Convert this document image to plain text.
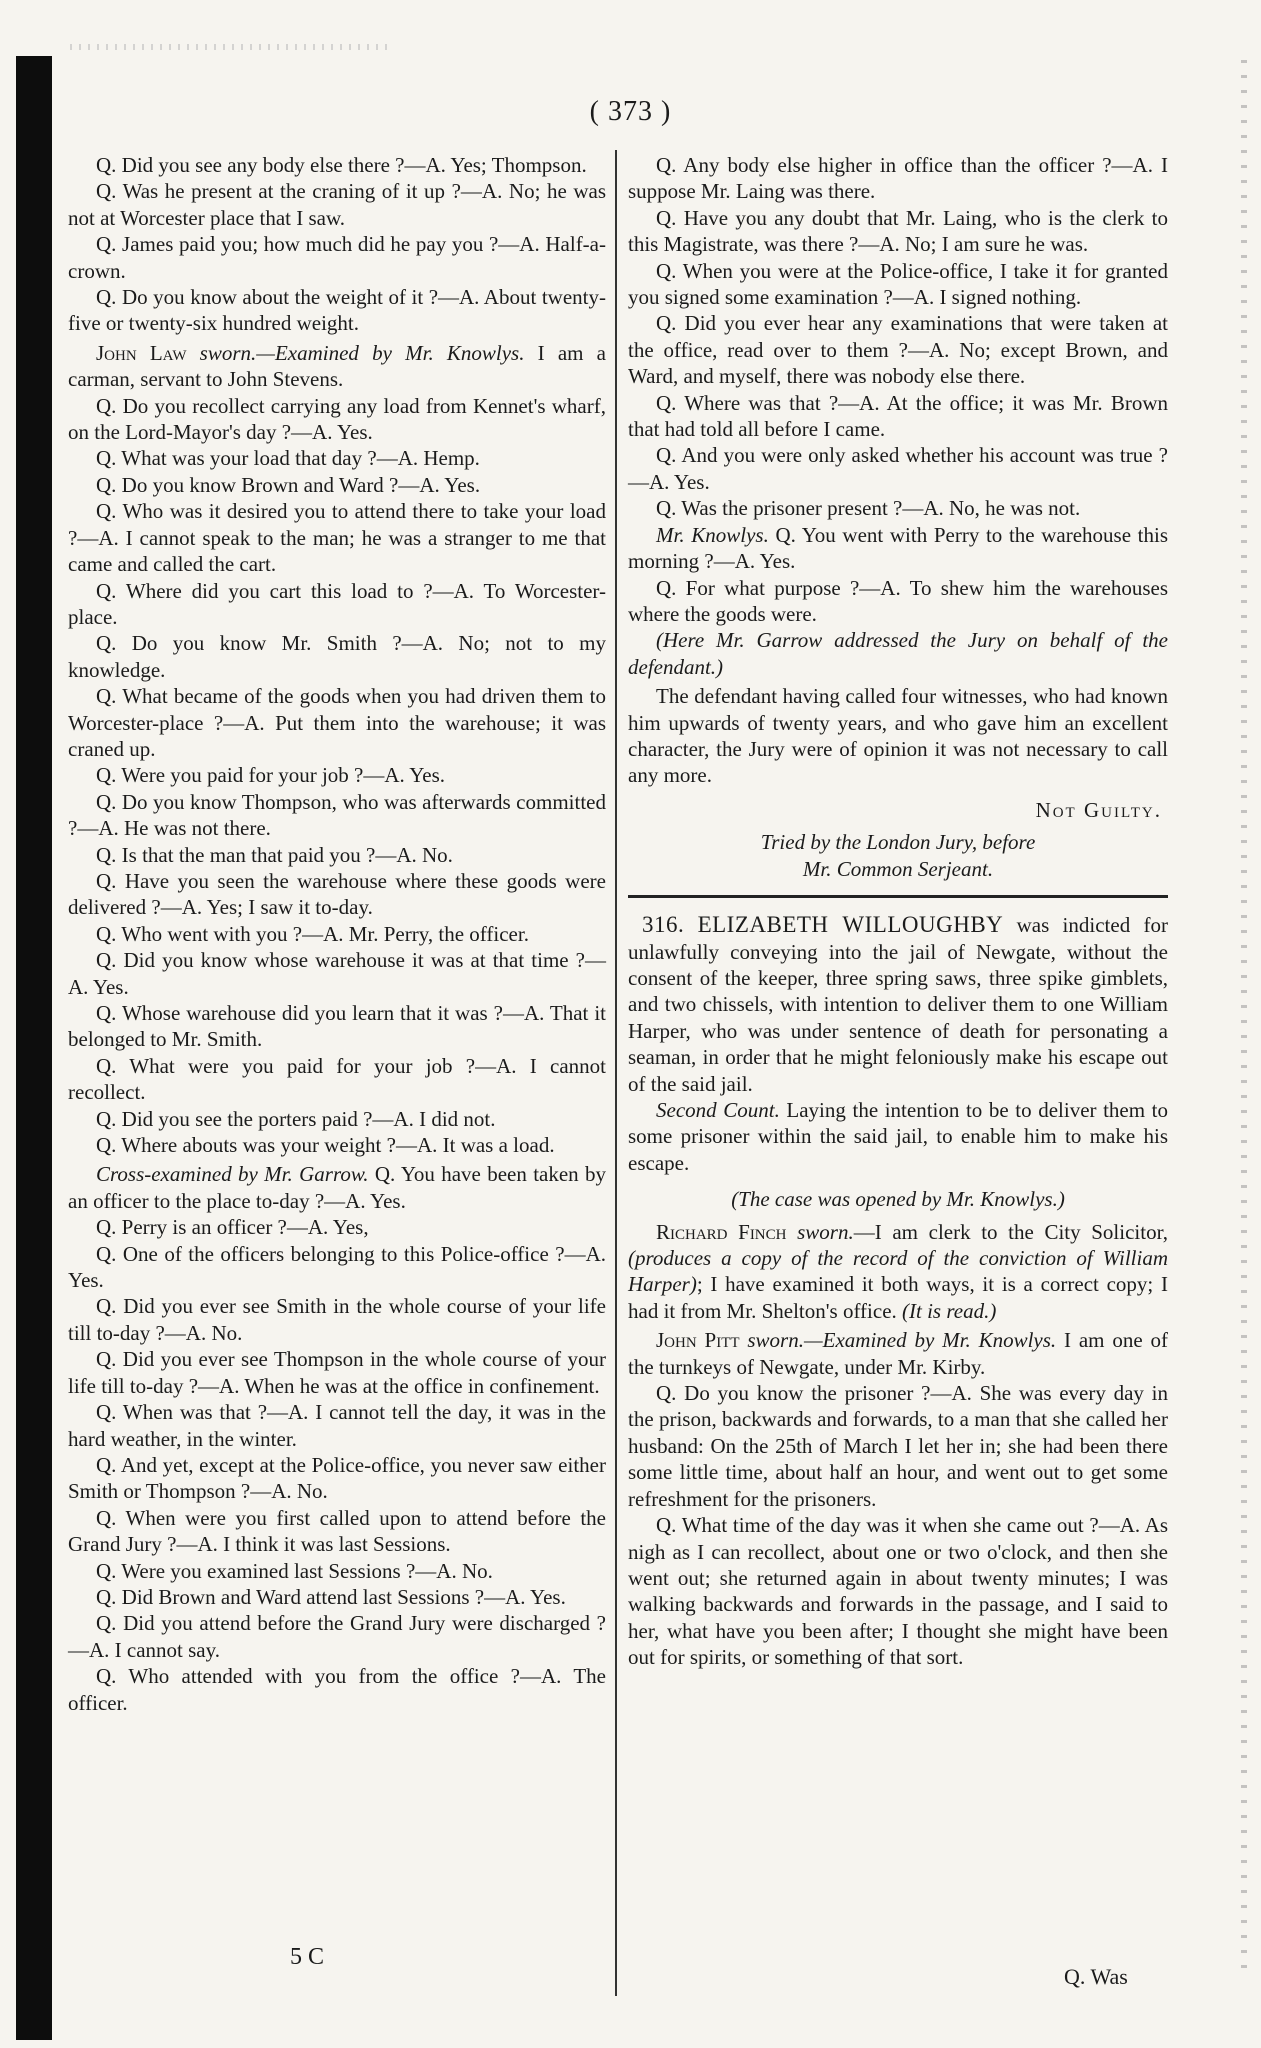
( 373 )

Q. Did you see any body else there ?—A. Yes; Thompson.

Q. Was he present at the craning of it up ?—A. No; he was not at Worcester place that I saw.

Q. James paid you; how much did he pay you ?—A. Half-a-crown.

Q. Do you know about the weight of it ?—A. About twenty-five or twenty-six hundred weight.

John Law sworn.—Examined by Mr. Knowlys. I am a carman, servant to John Stevens.

Q. Do you recollect carrying any load from Kennet's wharf, on the Lord-Mayor's day ?—A. Yes.

Q. What was your load that day ?—A. Hemp.

Q. Do you know Brown and Ward ?—A. Yes.

Q. Who was it desired you to attend there to take your load ?—A. I cannot speak to the man; he was a stranger to me that came and called the cart.

Q. Where did you cart this load to ?—A. To Worcester-place.

Q. Do you know Mr. Smith ?—A. No; not to my knowledge.

Q. What became of the goods when you had driven them to Worcester-place ?—A. Put them into the warehouse; it was craned up.

Q. Were you paid for your job ?—A. Yes.

Q. Do you know Thompson, who was afterwards committed ?—A. He was not there.

Q. Is that the man that paid you ?—A. No.

Q. Have you seen the warehouse where these goods were delivered ?—A. Yes; I saw it to-day.

Q. Who went with you ?—A. Mr. Perry, the officer.

Q. Did you know whose warehouse it was at that time ?—A. Yes.

Q. Whose warehouse did you learn that it was ?—A. That it belonged to Mr. Smith.

Q. What were you paid for your job ?—A. I cannot recollect.

Q. Did you see the porters paid ?—A. I did not.

Q. Where abouts was your weight ?—A. It was a load.

Cross-examined by Mr. Garrow. Q. You have been taken by an officer to the place to-day ?—A. Yes.

Q. Perry is an officer ?—A. Yes,

Q. One of the officers belonging to this Police-office ?—A. Yes.

Q. Did you ever see Smith in the whole course of your life till to-day ?—A. No.

Q. Did you ever see Thompson in the whole course of your life till to-day ?—A. When he was at the office in confinement.

Q. When was that ?—A. I cannot tell the day, it was in the hard weather, in the winter.

Q. And yet, except at the Police-office, you never saw either Smith or Thompson ?—A. No.

Q. When were you first called upon to attend before the Grand Jury ?—A. I think it was last Sessions.

Q. Were you examined last Sessions ?—A. No.

Q. Did Brown and Ward attend last Sessions ?—A. Yes.

Q. Did you attend before the Grand Jury were discharged ?—A. I cannot say.

Q. Who attended with you from the office ?—A. The officer.

Q. Any body else higher in office than the officer ?—A. I suppose Mr. Laing was there.

Q. Have you any doubt that Mr. Laing, who is the clerk to this Magistrate, was there ?—A. No; I am sure he was.

Q. When you were at the Police-office, I take it for granted you signed some examination ?—A. I signed nothing.

Q. Did you ever hear any examinations that were taken at the office, read over to them ?—A. No; except Brown, and Ward, and myself, there was nobody else there.

Q. Where was that ?—A. At the office; it was Mr. Brown that had told all before I came.

Q. And you were only asked whether his account was true ?—A. Yes.

Q. Was the prisoner present ?—A. No, he was not.

Mr. Knowlys. Q. You went with Perry to the warehouse this morning ?—A. Yes.

Q. For what purpose ?—A. To shew him the warehouses where the goods were.

(Here Mr. Garrow addressed the Jury on behalf of the defendant.)

The defendant having called four witnesses, who had known him upwards of twenty years, and who gave him an excellent character, the Jury were of opinion it was not necessary to call any more.

Not Guilty.

Tried by the London Jury, before

Mr. Common Serjeant.

316. ELIZABETH WILLOUGHBY was indicted for unlawfully conveying into the jail of Newgate, without the consent of the keeper, three spring saws, three spike gimblets, and two chissels, with intention to deliver them to one William Harper, who was under sentence of death for personating a seaman, in order that he might feloniously make his escape out of the said jail.

Second Count. Laying the intention to be to deliver them to some prisoner within the said jail, to enable him to make his escape.

(The case was opened by Mr. Knowlys.)

Richard Finch sworn.—I am clerk to the City Solicitor, (produces a copy of the record of the conviction of William Harper); I have examined it both ways, it is a correct copy; I had it from Mr. Shelton's office. (It is read.)

John Pitt sworn.—Examined by Mr. Knowlys. I am one of the turnkeys of Newgate, under Mr. Kirby.

Q. Do you know the prisoner ?—A. She was every day in the prison, backwards and forwards, to a man that she called her husband: On the 25th of March I let her in; she had been there some little time, about half an hour, and went out to get some refreshment for the prisoners.

Q. What time of the day was it when she came out ?—A. As nigh as I can recollect, about one or two o'clock, and then she went out; she returned again in about twenty minutes; I was walking backwards and forwards in the passage, and I said to her, what have you been after; I thought she might have been out for spirits, or something of that sort.

5 C
Q. Was
